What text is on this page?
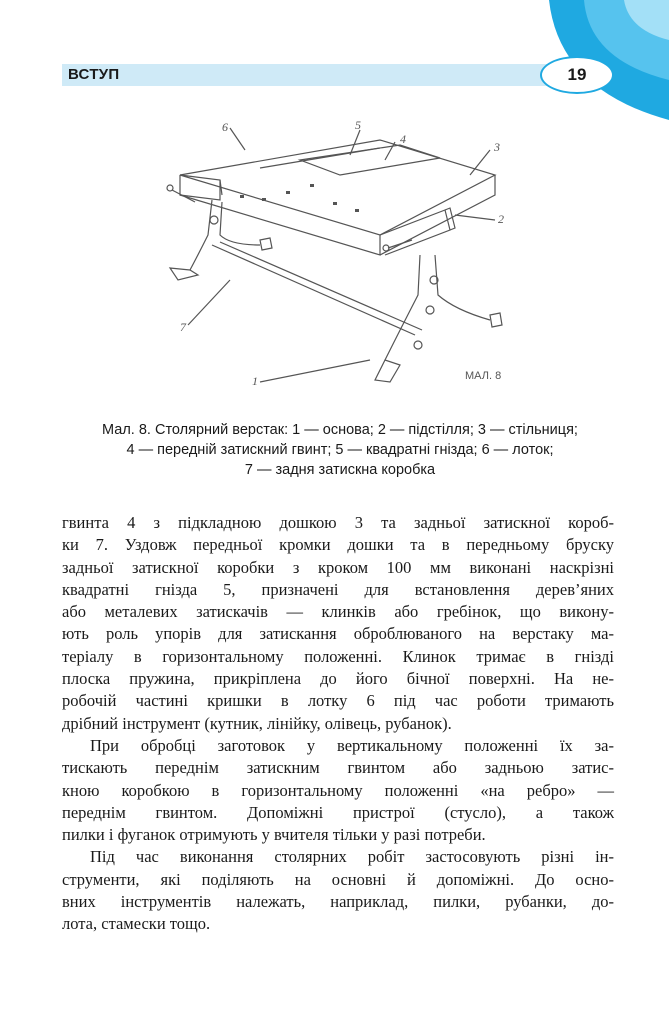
ВСТУП	19
6	5
4
3
2
7
1	МАЛ. 8
Мал. 8. Столярний верстак: 1 — основа; 2 — підстілля; 3 — стільниця;
4 — передній затискний гвинт; 5 — квадратні гнізда; 6 — лоток;
7 — задня затискна коробка
гвинта 4 з підкладною дошкою 3 та задньої затискної короб-
ки 7. Уздовж передньої кромки дошки та в передньому бруску
задньої затискної коробки з кроком 100 мм виконані наскрізні
квадратні гнізда 5, призначені для встановлення дерев’яних
або металевих затискачів — клинків або гребінок, що викону-
ють роль упорів для затискання оброблюваного на верстаку ма-
теріалу в горизонтальному положенні. Клинок тримає в гнізді
плоска пружина, прикріплена до його бічної поверхні. На не-
робочій частині кришки в лотку 6 під час роботи тримають
дрібний інструмент (кутник, лінійку, олівець, рубанок).
При обробці заготовок у вертикальному положенні їх за-
тискають переднім затискним гвинтом або задньою затис-
кною коробкою в горизонтальному положенні «на ребро» —
переднім гвинтом. Допоміжні пристрої (стусло), а також
пилки і фуганок отримують у вчителя тільки у разі потреби.
Під час виконання столярних робіт застосовують різні ін-
струменти, які поділяють на основні й допоміжні. До осно-
вних інструментів належать, наприклад, пилки, рубанки, до-
лота, стамески тощо.
